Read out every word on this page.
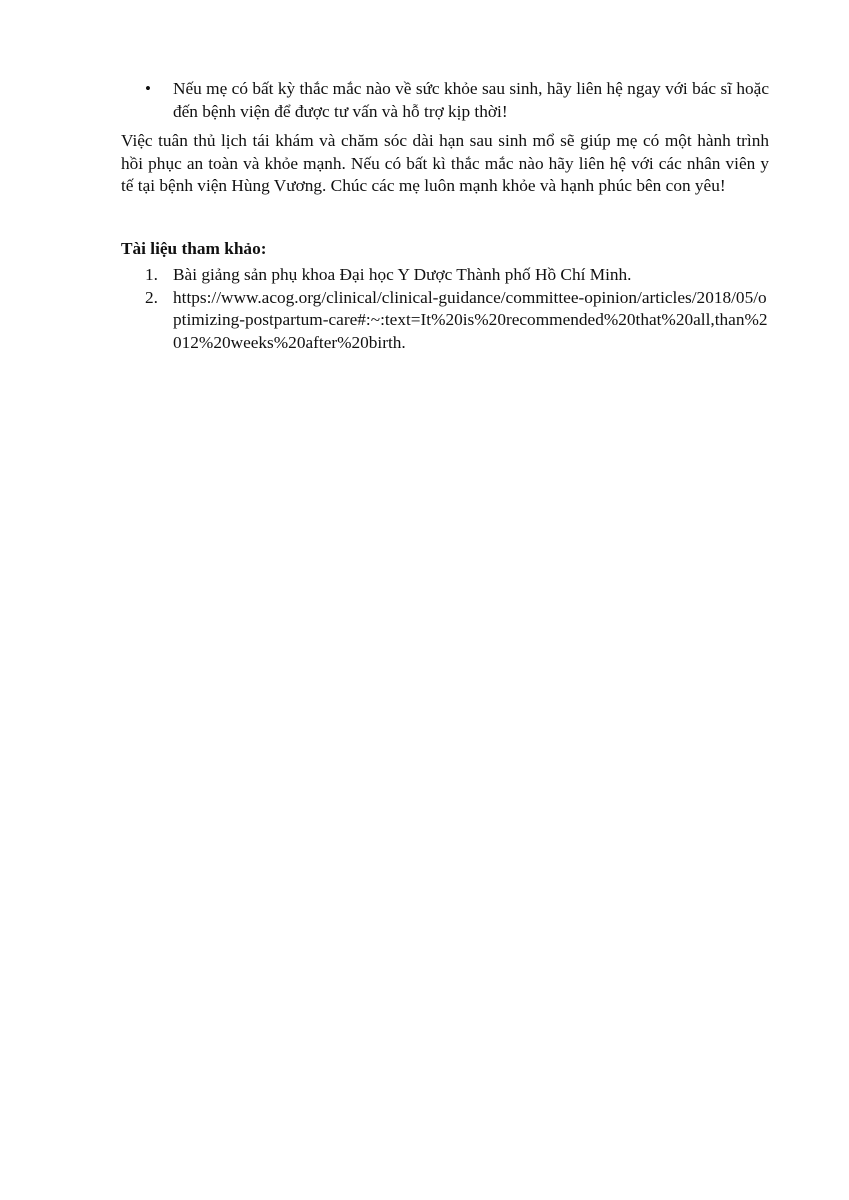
• Nếu mẹ có bất kỳ thắc mắc nào về sức khỏe sau sinh, hãy liên hệ ngay với bác sĩ hoặc đến bệnh viện để được tư vấn và hỗ trợ kịp thời!

Việc tuân thủ lịch tái khám và chăm sóc dài hạn sau sinh mổ sẽ giúp mẹ có một hành trình hồi phục an toàn và khỏe mạnh. Nếu có bất kì thắc mắc nào hãy liên hệ với các nhân viên y tế tại bệnh viện Hùng Vương. Chúc các mẹ luôn mạnh khỏe và hạnh phúc bên con yêu!

Tài liệu tham khảo:

1. Bài giảng sản phụ khoa Đại học Y Dược Thành phố Hồ Chí Minh.
2. https://www.acog.org/clinical/clinical-guidance/committee-opinion/articles/2018/05/optimizing-postpartum-care#:~:text=It%20is%20recommended%20that%20all,than%2012%20weeks%20after%20birth.
